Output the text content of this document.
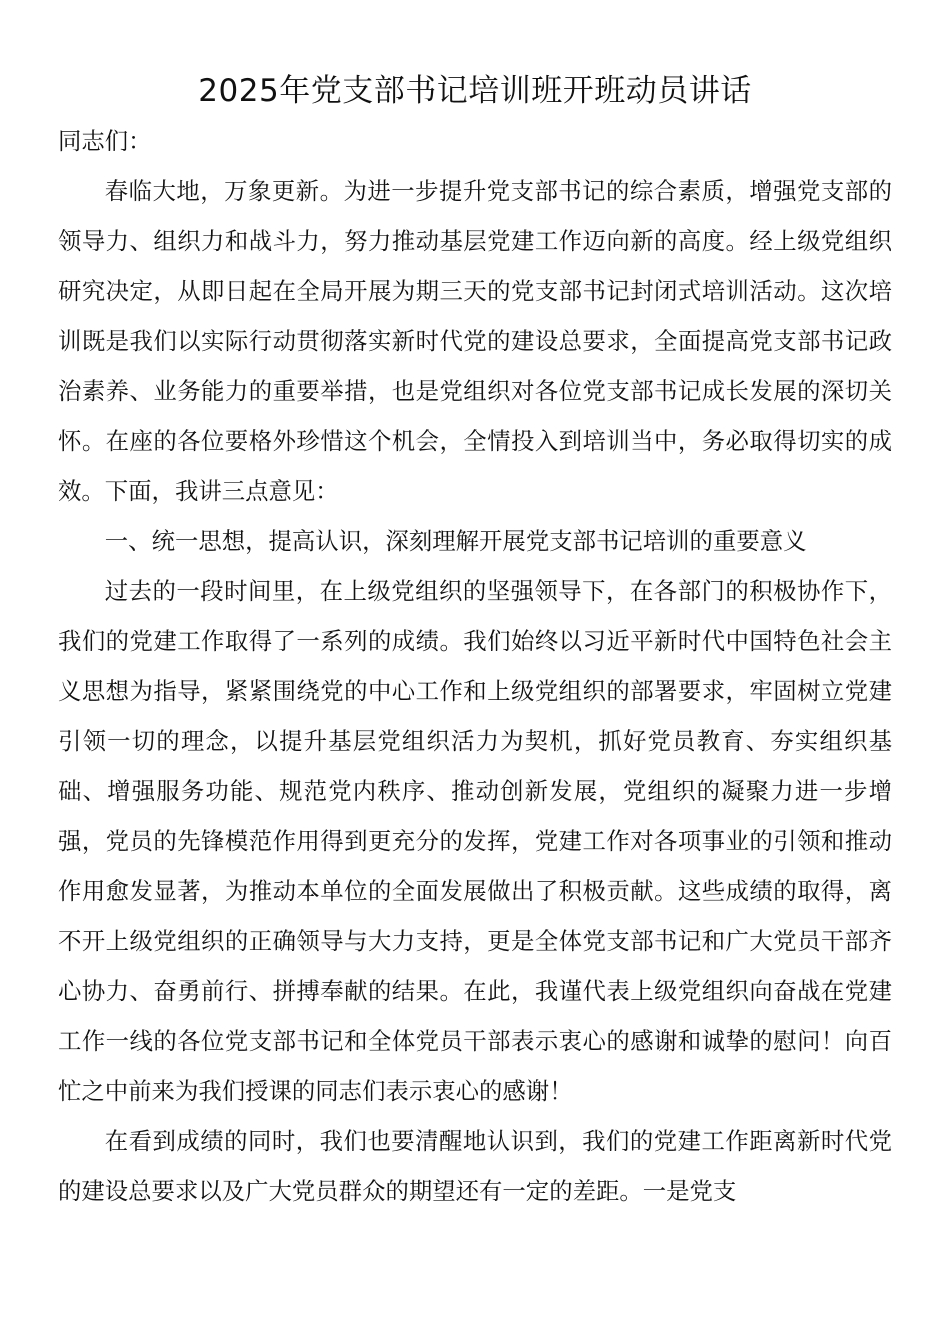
2025年党支部书记培训班开班动员讲话

同志们：

春临大地，万象更新。为进一步提升党支部书记的综合素质，增强党支部的领导力、组织力和战斗力，努力推动基层党建工作迈向新的高度。经上级党组织研究决定，从即日起在全局开展为期三天的党支部书记封闭式培训活动。这次培训既是我们以实际行动贯彻落实新时代党的建设总要求，全面提高党支部书记政治素养、业务能力的重要举措，也是党组织对各位党支部书记成长发展的深切关怀。在座的各位要格外珍惜这个机会，全情投入到培训当中，务必取得切实的成效。下面，我讲三点意见：

一、统一思想，提高认识，深刻理解开展党支部书记培训的重要意义

过去的一段时间里，在上级党组织的坚强领导下，在各部门的积极协作下，我们的党建工作取得了一系列的成绩。我们始终以习近平新时代中国特色社会主义思想为指导，紧紧围绕党的中心工作和上级党组织的部署要求，牢固树立党建引领一切的理念，以提升基层党组织活力为契机，抓好党员教育、夯实组织基础、增强服务功能、规范党内秩序、推动创新发展，党组织的凝聚力进一步增强，党员的先锋模范作用得到更充分的发挥，党建工作对各项事业的引领和推动作用愈发显著，为推动本单位的全面发展做出了积极贡献。这些成绩的取得，离不开上级党组织的正确领导与大力支持，更是全体党支部书记和广大党员干部齐心协力、奋勇前行、拼搏奉献的结果。在此，我谨代表上级党组织向奋战在党建工作一线的各位党支部书记和全体党员干部表示衷心的感谢和诚挚的慰问！向百忙之中前来为我们授课的同志们表示衷心的感谢！

在看到成绩的同时，我们也要清醒地认识到，我们的党建工作距离新时代党的建设总要求以及广大党员群众的期望还有一定的差距。一是党支
